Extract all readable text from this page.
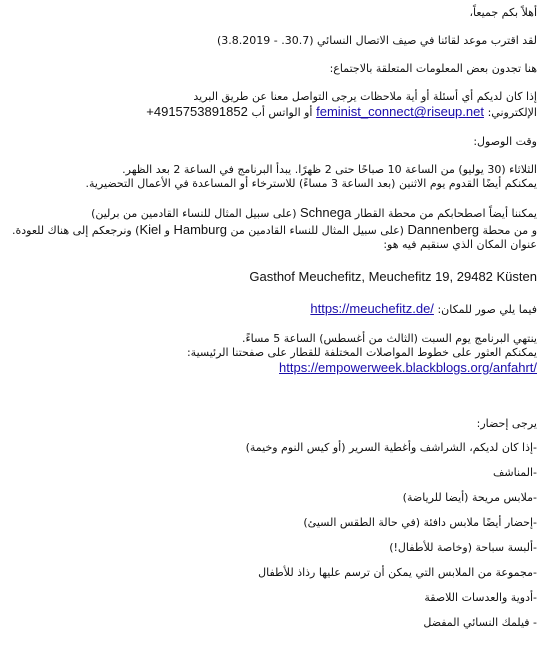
أهلاً بكم جميعاً،

لقد اقترب موعد لقائنا في صيف الاتصال النسائي (30.7. - 3.8.2019)

هنا تجدون بعض المعلومات المتعلقة بالاجتماع:

إذا كان لديكم أي أسئلة أو أية ملاحظات يرجى التواصل معنا عن طريق البريد

الإلكتروني: feminist_connect@riseup.net أو الواتس أب +4915753891852

وقت الوصول:

الثلاثاء (30 يوليو) من الساعة 10 صباحًا حتى 2 ظهرًا. يبدأ البرنامج في الساعة 2 بعد الظهر.

يمكنكم أيضًا القدوم يوم الاثنين (بعد الساعة 3 مساءً) للاسترخاء أو المساعدة في الأعمال التحضيرية.

يمكننا أيضاً اصطحابكم من محطة القطار Schnega (على سبيل المثال للنساء القادمين من برلين)

و من محطة Dannenberg (على سبيل المثال للنساء القادمين من Hamburg و Kiel) ونرجعكم إلى هناك للعودة.

عنوان المكان الذي سنقيم فيه هو:

Gasthof Meuchefitz, Meuchefitz 19, 29482 Küsten

فيما يلي صور للمكان: https://meuchefitz.de/

ينتهي البرنامج يوم السبت (الثالث من أغسطس) الساعة 5 مساءً.

يمكنكم العثور على خطوط المواصلات المختلفة للقطار على صفحتنا الرئيسية:

https://empowerweek.blackblogs.org/anfahrt/

يرجى إحضار:

-إذا كان لديكم، الشراشف وأغطية السرير (أو كيس النوم وخيمة)
-المناشف
-ملابس مريحة (أيضا للرياضة)
-إحضار أيضًا ملابس دافئة (في حالة الطقس السيئ)
-ألبسة سباحة (وخاصة للأطفال!)
-مجموعة من الملابس التي يمكن أن ترسم عليها رذاذ للأطفال
-أدوية والعدسات اللاصقة
- فيلمك النسائي المفضل
